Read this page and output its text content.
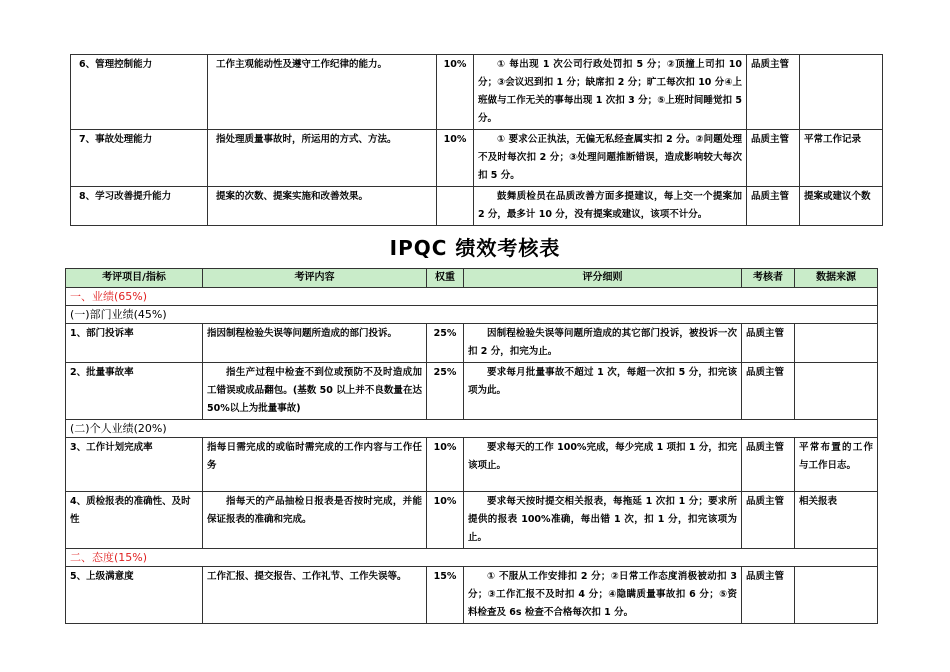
6、管理控制能力	工作主观能动性及遵守工作纪律的能力。	10%	① 每出现 1 次公司行政处罚扣 5 分；②顶撞上司扣 10 分；③会议迟到扣 1 分；缺席扣 2 分；旷工每次扣 10 分④上班做与工作无关的事每出现 1 次扣 3 分；⑤上班时间睡觉扣 5 分。	品质主管	
7、事故处理能力	指处理质量事故时，所运用的方式、方法。	10%	① 要求公正执法，无偏无私经查属实扣 2 分。②问题处理不及时每次扣 2 分；③处理问题推断错误，造成影响较大每次扣 5 分。	品质主管	平常工作记录
8、学习改善提升能力	提案的次数、提案实施和改善效果。		鼓舞质检员在品质改善方面多提建议，每上交一个提案加 2 分，最多计 10 分，没有提案或建议，该项不计分。	品质主管	提案或建议个数
IPQC 绩效考核表
考评项目/指标	考评内容	权重	评分细则	考核者	数据来源
一、业绩(65%)					
(一)部门业绩(45%)					
1、部门投诉率	指因制程检验失误等问题所造成的部门投诉。	25%	因制程检验失误等问题所造成的其它部门投诉，被投诉一次扣 2 分，扣完为止。	品质主管	
2、批量事故率	指生产过程中检查不到位或预防不及时造成加工错误或成品翻包。(基数 50 以上并不良数量在达 50%以上为批量事故)	25%	要求每月批量事故不超过 1 次，每超一次扣 5 分，扣完该项为此。	品质主管	
(二)个人业绩(20%)					
3、工作计划完成率	指每日需完成的或临时需完成的工作内容与工作任务	10%	要求每天的工作 100%完成，每少完成 1 项扣 1 分，扣完该项止。	品质主管	平常布置的工作与工作日志。
4、质检报表的准确性、及时性	指每天的产品抽检日报表是否按时完成，并能保证报表的准确和完成。	10%	要求每天按时提交相关报表，每拖延 1 次扣 1 分；要求所提供的报表 100%准确，每出错 1 次，扣 1 分，扣完该项为止。	品质主管	相关报表
二、态度(15%)					
5、上级满意度	工作汇报、提交报告、工作礼节、工作失误等。	15%	① 不服从工作安排扣 2 分；②日常工作态度消极被动扣 3 分；③工作汇报不及时扣 4 分；④隐瞒质量事故扣 6 分；⑤资料检查及 6s 检查不合格每次扣 1 分。	品质主管	
